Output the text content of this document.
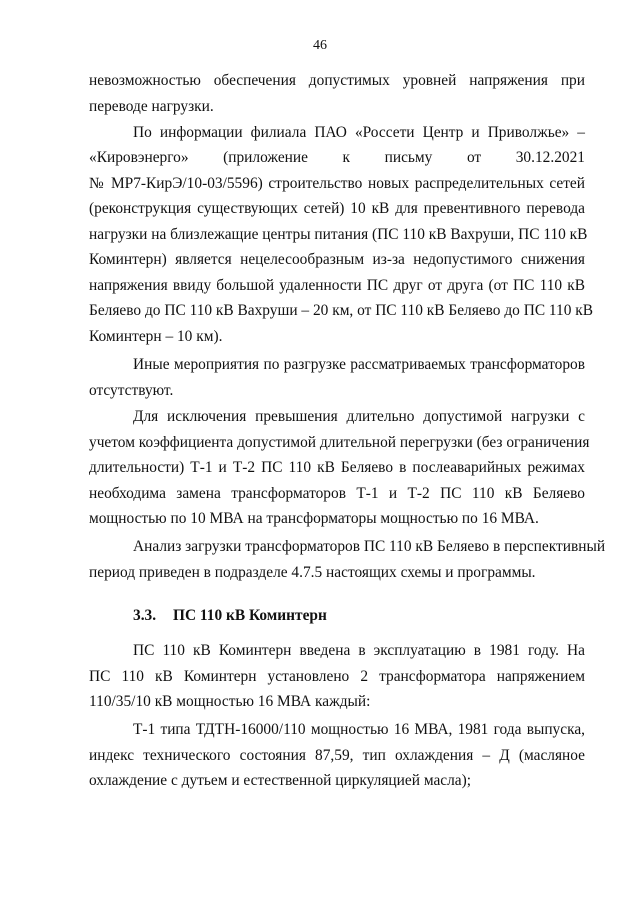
46
невозможностью обеспечения допустимых уровней напряжения при
переводе нагрузки.
По информации филиала ПАО «Россети Центр и Приволжье» –
«Кировэнерго» (приложение к письму от 30.12.2021
№ МР7-КирЭ/10-03/5596) строительство новых распределительных сетей
(реконструкция существующих сетей) 10 кВ для превентивного перевода
нагрузки на близлежащие центры питания (ПС 110 кВ Вахруши, ПС 110 кВ
Коминтерн) является нецелесообразным из-за недопустимого снижения
напряжения ввиду большой удаленности ПС друг от друга (от ПС 110 кВ
Беляево до ПС 110 кВ Вахруши – 20 км, от ПС 110 кВ Беляево до ПС 110 кВ
Коминтерн – 10 км).
Иные мероприятия по разгрузке рассматриваемых трансформаторов
отсутствуют.
Для исключения превышения длительно допустимой нагрузки с
учетом коэффициента допустимой длительной перегрузки (без ограничения
длительности) Т-1 и Т-2 ПС 110 кВ Беляево в послеаварийных режимах
необходима замена трансформаторов Т-1 и Т-2 ПС 110 кВ Беляево
мощностью по 10 МВА на трансформаторы мощностью по 16 МВА.
Анализ загрузки трансформаторов ПС 110 кВ Беляево в перспективный
период приведен в подразделе 4.7.5 настоящих схемы и программы.
3.3. ПС 110 кВ Коминтерн
ПС 110 кВ Коминтерн введена в эксплуатацию в 1981 году. На
ПС 110 кВ Коминтерн установлено 2 трансформатора напряжением
110/35/10 кВ мощностью 16 МВА каждый:
Т-1 типа ТДТН-16000/110 мощностью 16 МВА, 1981 года выпуска,
индекс технического состояния 87,59, тип охлаждения – Д (масляное
охлаждение с дутьем и естественной циркуляцией масла);
